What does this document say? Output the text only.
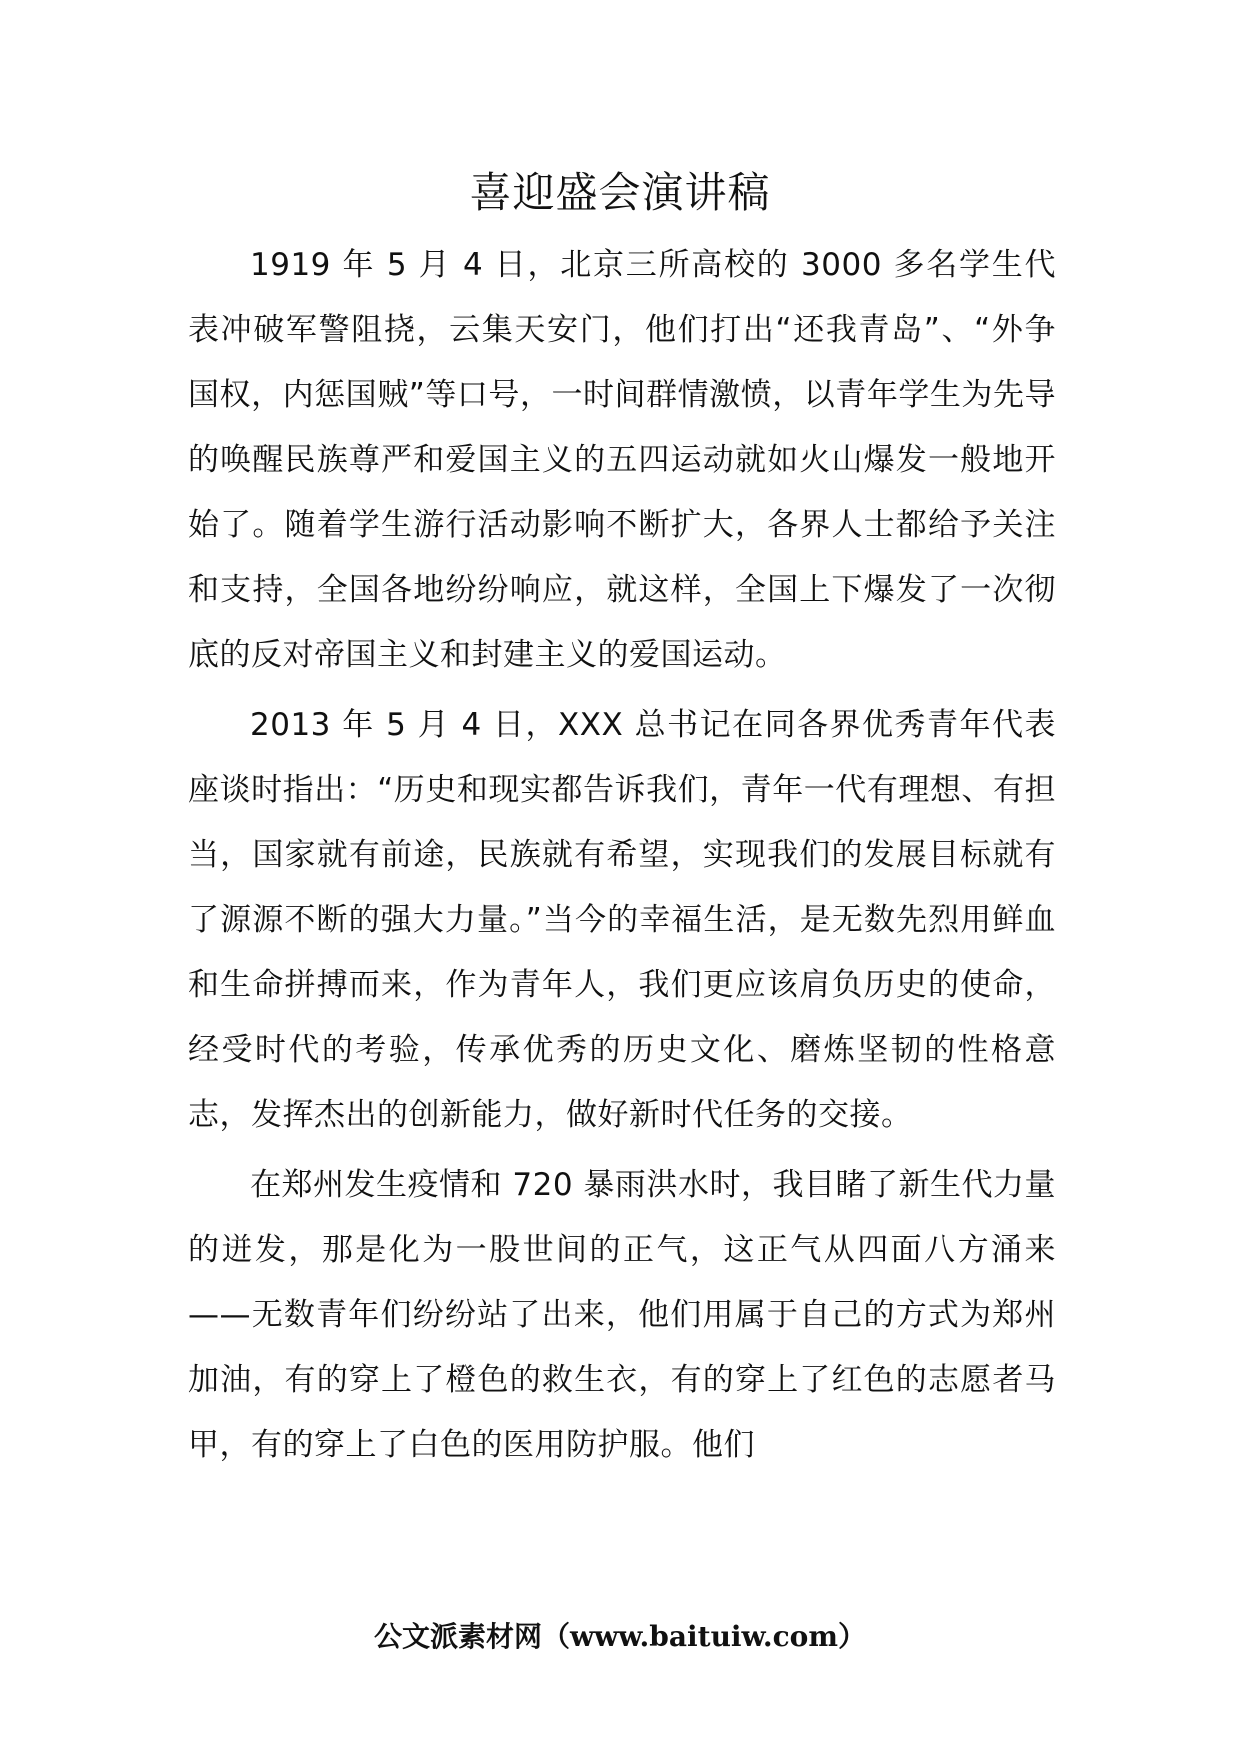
喜迎盛会演讲稿

1919 年 5 月 4 日，北京三所高校的 3000 多名学生代表冲破军警阻挠，云集天安门，他们打出“还我青岛”、“外争国权，内惩国贼”等口号，一时间群情激愤，以青年学生为先导的唤醒民族尊严和爱国主义的五四运动就如火山爆发一般地开始了。随着学生游行活动影响不断扩大，各界人士都给予关注和支持，全国各地纷纷响应，就这样，全国上下爆发了一次彻底的反对帝国主义和封建主义的爱国运动。

2013 年 5 月 4 日，XXX 总书记在同各界优秀青年代表座谈时指出：“历史和现实都告诉我们，青年一代有理想、有担当，国家就有前途，民族就有希望，实现我们的发展目标就有了源源不断的强大力量。”当今的幸福生活，是无数先烈用鲜血和生命拼搏而来，作为青年人，我们更应该肩负历史的使命，经受时代的考验，传承优秀的历史文化、磨炼坚韧的性格意志，发挥杰出的创新能力，做好新时代任务的交接。

在郑州发生疫情和 720 暴雨洪水时，我目睹了新生代力量的迸发，那是化为一股世间的正气，这正气从四面八方涌来——无数青年们纷纷站了出来，他们用属于自己的方式为郑州加油，有的穿上了橙色的救生衣，有的穿上了红色的志愿者马甲，有的穿上了白色的医用防护服。他们

公文派素材网（www.baituiw.com）
